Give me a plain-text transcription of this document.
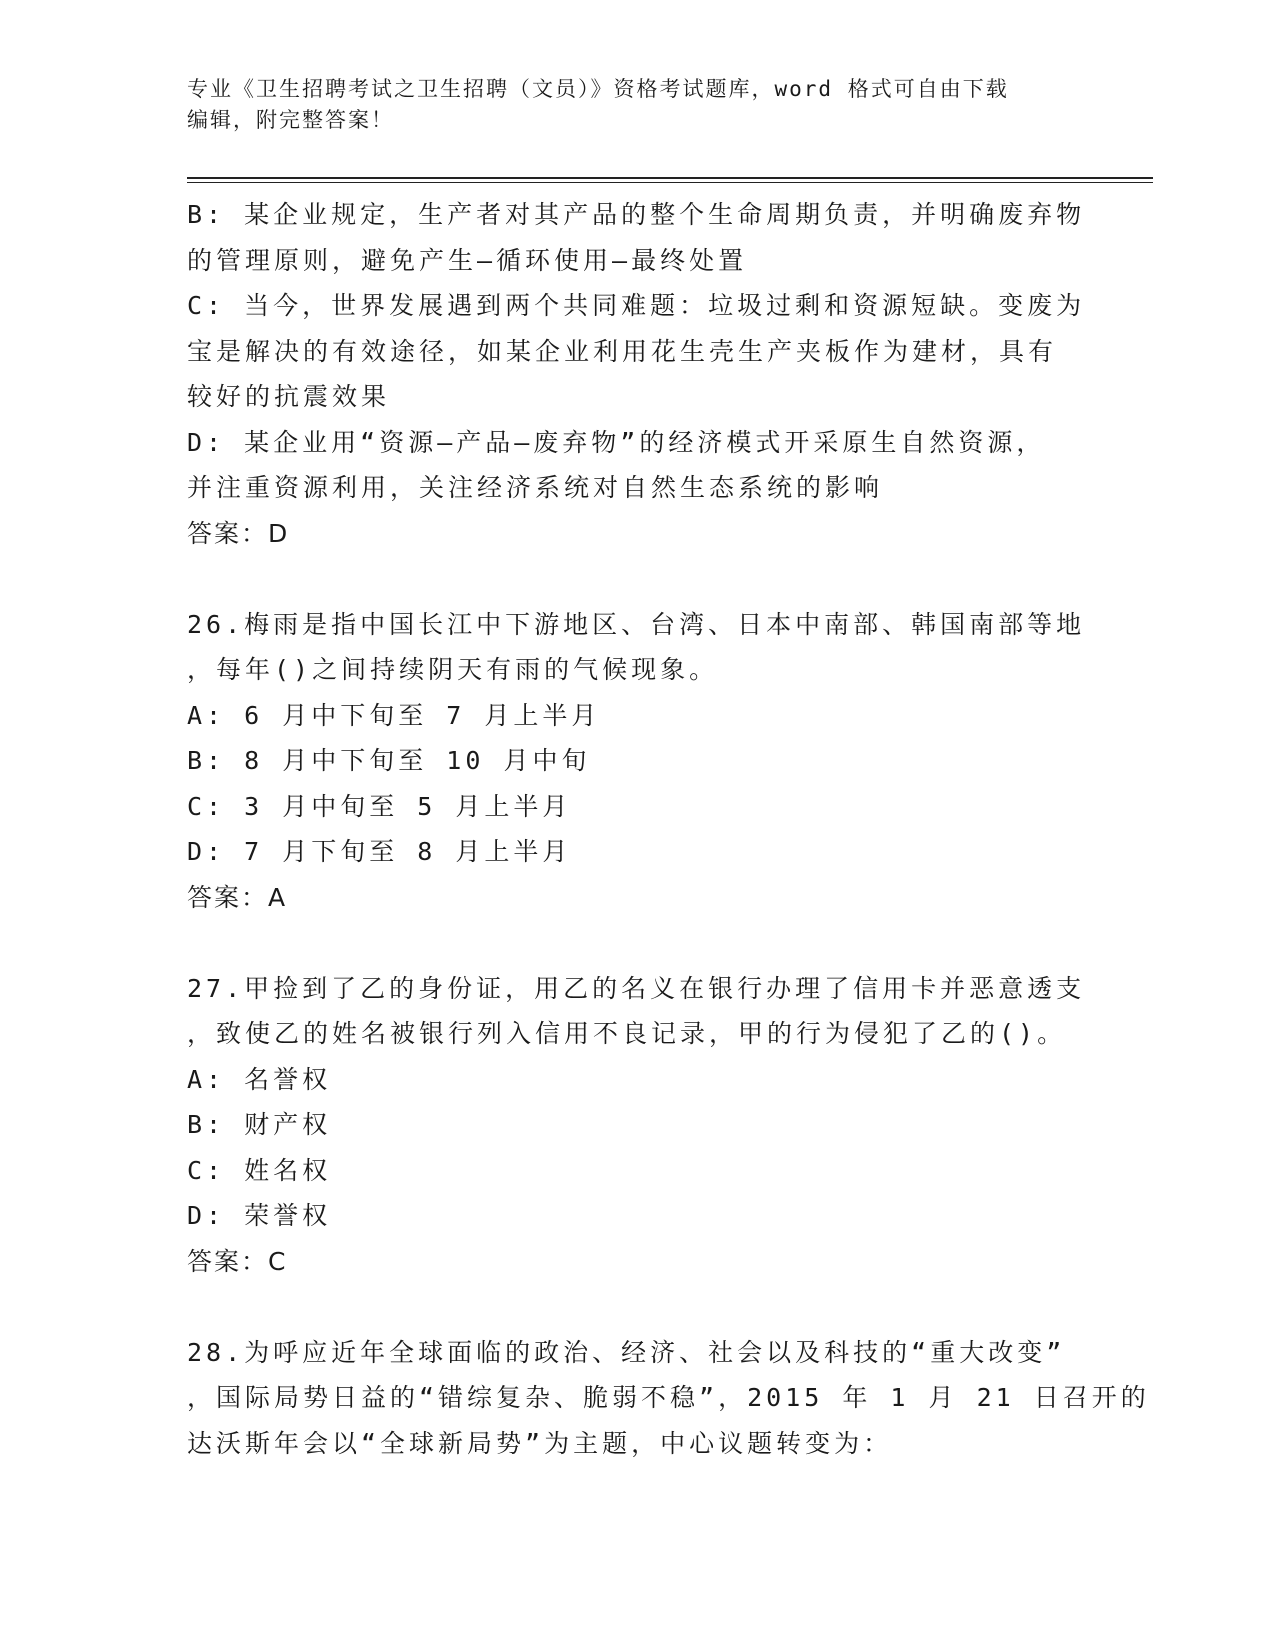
专业《卫生招聘考试之卫生招聘（文员）》资格考试题库，word 格式可自由下载
编辑，附完整答案！
B: 某企业规定，生产者对其产品的整个生命周期负责，并明确废弃物
的管理原则，避免产生—循环使用—最终处置
C: 当今，世界发展遇到两个共同难题：垃圾过剩和资源短缺。变废为
宝是解决的有效途径，如某企业利用花生壳生产夹板作为建材，具有
较好的抗震效果
D: 某企业用“资源—产品—废弃物”的经济模式开采原生自然资源，
并注重资源利用，关注经济系统对自然生态系统的影响
答案：D
26.梅雨是指中国长江中下游地区、台湾、日本中南部、韩国南部等地
，每年()之间持续阴天有雨的气候现象。
A: 6 月中下旬至 7 月上半月
B: 8 月中下旬至 10 月中旬
C: 3 月中旬至 5 月上半月
D: 7 月下旬至 8 月上半月
答案：A
27.甲捡到了乙的身份证，用乙的名义在银行办理了信用卡并恶意透支
，致使乙的姓名被银行列入信用不良记录，甲的行为侵犯了乙的()。
A: 名誉权
B: 财产权
C: 姓名权
D: 荣誉权
答案：C
28.为呼应近年全球面临的政治、经济、社会以及科技的“重大改变”
，国际局势日益的“错综复杂、脆弱不稳”，2015 年 1 月 21 日召开的
达沃斯年会以“全球新局势”为主题，中心议题转变为：
